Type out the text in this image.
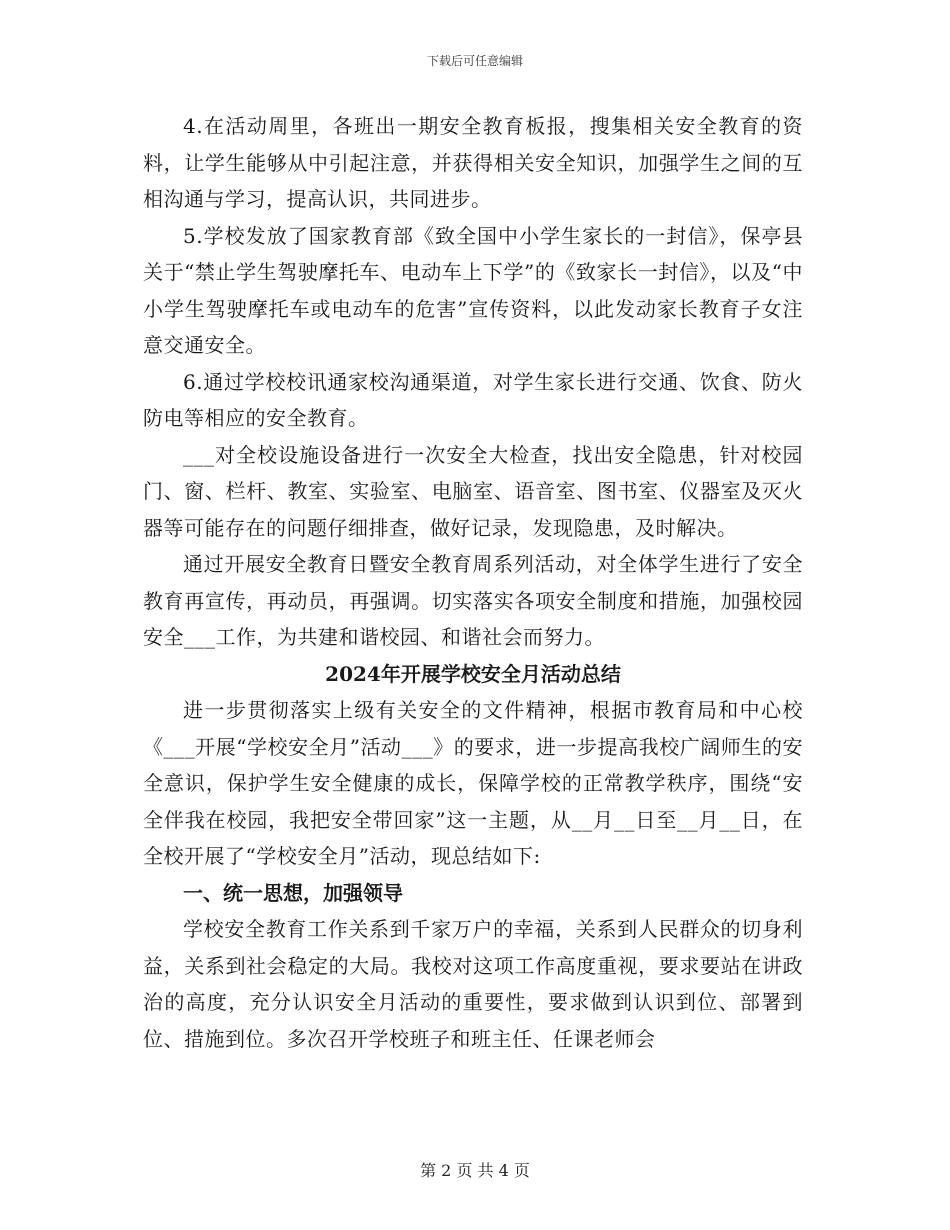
下载后可任意编辑

4.在活动周里，各班出一期安全教育板报，搜集相关安全教育的资料，让学生能够从中引起注意，并获得相关安全知识，加强学生之间的互相沟通与学习，提高认识，共同进步。

5.学校发放了国家教育部《致全国中小学生家长的一封信》，保亭县关于“禁止学生驾驶摩托车、电动车上下学”的《致家长一封信》，以及“中小学生驾驶摩托车或电动车的危害”宣传资料，以此发动家长教育子女注意交通安全。

6.通过学校校讯通家校沟通渠道，对学生家长进行交通、饮食、防火防电等相应的安全教育。

___对全校设施设备进行一次安全大检查，找出安全隐患，针对校园门、窗、栏杆、教室、实验室、电脑室、语音室、图书室、仪器室及灭火器等可能存在的问题仔细排查，做好记录，发现隐患，及时解决。

通过开展安全教育日暨安全教育周系列活动，对全体学生进行了安全教育再宣传，再动员，再强调。切实落实各项安全制度和措施，加强校园安全___工作，为共建和谐校园、和谐社会而努力。

2024年开展学校安全月活动总结

进一步贯彻落实上级有关安全的文件精神，根据市教育局和中心校《___开展“学校安全月”活动___》的要求，进一步提高我校广阔师生的安全意识，保护学生安全健康的成长，保障学校的正常教学秩序，围绕“安全伴我在校园，我把安全带回家”这一主题，从__月__日至__月__日，在全校开展了“学校安全月”活动，现总结如下:

一、统一思想，加强领导

学校安全教育工作关系到千家万户的幸福，关系到人民群众的切身利益，关系到社会稳定的大局。我校对这项工作高度重视，要求要站在讲政治的高度，充分认识安全月活动的重要性，要求做到认识到位、部署到位、措施到位。多次召开学校班子和班主任、任课老师会

第 2 页 共 4 页
